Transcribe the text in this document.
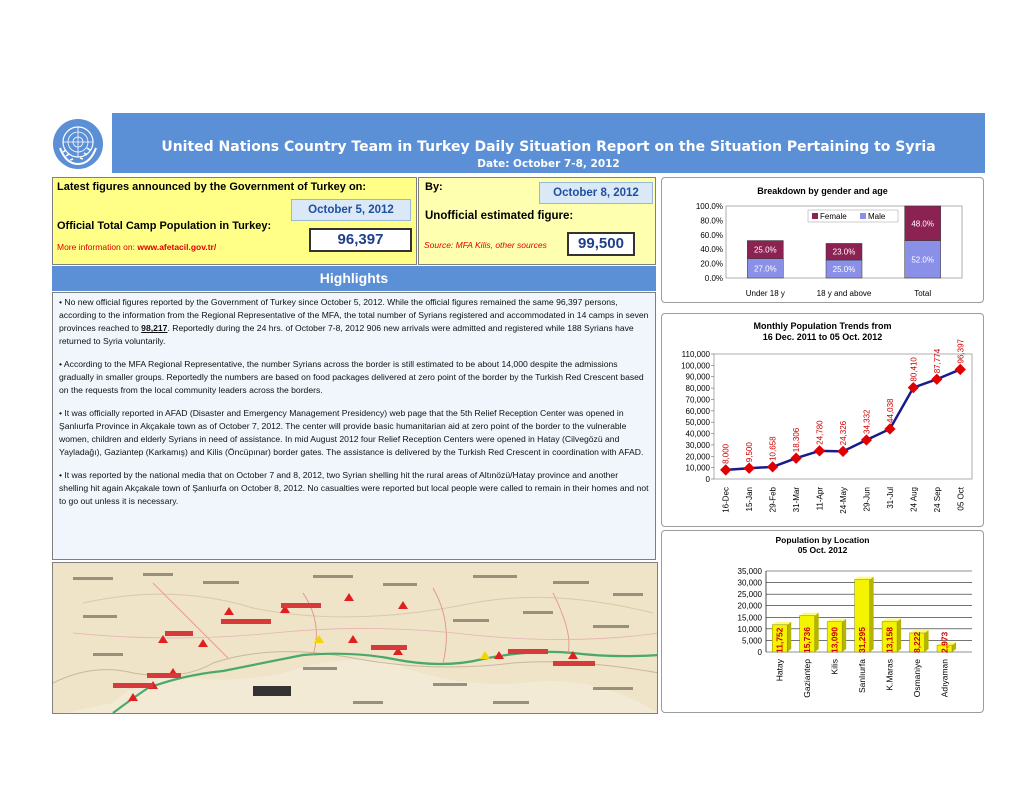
United Nations Country Team in Turkey Daily Situation Report on the Situation Pertaining to Syria
Date: October 7-8, 2012
Latest figures announced by the Government of Turkey on:
October 5, 2012
Official Total Camp Population in Turkey:
96,397
More information on: www.afetacil.gov.tr/
By:	October 8, 2012
Unofficial estimated figure:
Source: MFA Kilis, other sources	99,500
Highlights

• No new official figures reported by the Government of Turkey since October 5, 2012. While the official figures remained the same 96,397 persons, according to the information from the Regional Representative of the MFA, the total number of Syrians registered and accommodated in 14 camps in seven provinces reached to 98,217. Reportedly during the 24 hrs. of October 7-8, 2012 906 new arrivals were admitted and registered while 188 Syrians have returned to Syria voluntarily.

• According to the MFA Regional Representative, the number Syrians across the border is still estimated to be about 14,000 despite the admissions gradually in smaller groups. Reportedly the numbers are based on food packages delivered at zero point of the border by the Turkish Red Crescent based on the requests from the local community leaders across the borders.

• It was officially reported in AFAD (Disaster and Emergency Management Presidency) web page that the 5th Relief Reception Center was opened in Şanlıurfa Province in Akçakale town as of October 7, 2012. The center will provide basic humanitarian aid at zero point of the border to the vulnerable women, children and elderly Syrians in need of assistance. In mid August 2012 four Relief Reception Centers were opened in Hatay (Cilvegözü and Yayladağı), Gaziantep (Karkamış) and Kilis (Öncüpınar) border gates. The assistance is delivered by the Turkish Red Crescent in coordination with AFAD.

• It was reported by the national media that on October 7 and 8, 2012, two Syrian shelling hit the rural areas of Altınözü/Hatay province and another shelling hit again Akçakale town of Şanlıurfa on October 8, 2012. No casualties were reported but local people were called to remain in their homes and not to go out unless it is necessary.

Breakdown by gender and age
0.0%
20.0%
40.0%
60.0%
80.0%
100.0%
27.0%
25.0%
Under 18 y
25.0%
23.0%
18 y and above
52.0%
48.0%
Total
Female	Male
Monthly Population Trends from
16 Dec. 2011 to 05 Oct. 2012
0
10,000
20,000
30,000
40,000
50,000
60,000
70,000
80,000
90,000
100,000
110,000
8,000
16-Dec
9,500
15-Jan
10,658
29-Feb
18,306
31-Mar
24,780
11-Apr
24,326
24-May
34,332
29-Jun
44,038
31-Jul
80,410
24 Aug
87,774
24 Sep
96,397
05 Oct
Population by Location
05 Oct. 2012
0
5,000
10,000
15,000
20,000
25,000
30,000
35,000
11,752
Hatay
15,736
Gaziantep
13,090
Kilis
31,295
Sanlıurfa
13,158
K.Maras
8,222
Osmaniye
2,973
Adıyaman
